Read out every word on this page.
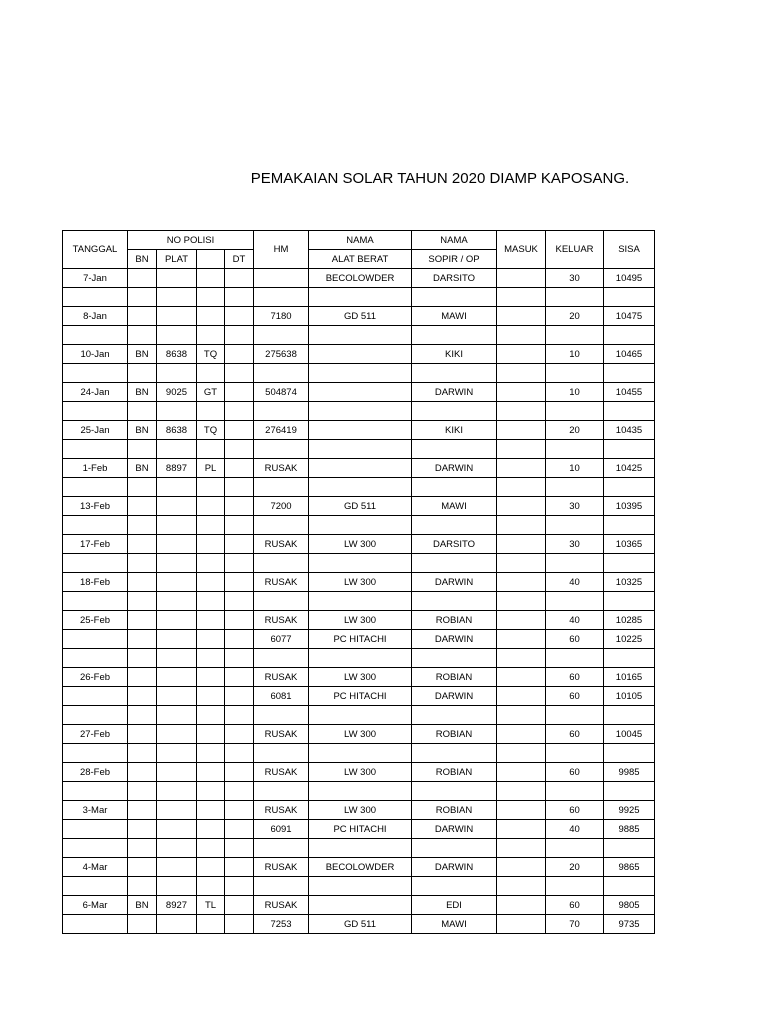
PEMAKAIAN SOLAR TAHUN 2020 DIAMP KAPOSANG.
TANGGAL	NO POLISI				HM	NAMA	NAMA	MASUK	KELUAR	SISA
	BN	PLAT		DT		ALAT BERAT	SOPIR / OP			
7-Jan						BECOLOWDER	DARSITO		30	10495

8-Jan					7180	GD 511	MAWI		20	10475

10-Jan	BN	8638	TQ		275638		KIKI		10	10465

24-Jan	BN	9025	GT		504874		DARWIN		10	10455

25-Jan	BN	8638	TQ		276419		KIKI		20	10435

1-Feb	BN	8897	PL		RUSAK		DARWIN		10	10425

13-Feb					7200	GD 511	MAWI		30	10395

17-Feb					RUSAK	LW 300	DARSITO		30	10365

18-Feb					RUSAK	LW 300	DARWIN		40	10325

25-Feb					RUSAK	LW 300	ROBIAN		40	10285
					6077	PC HITACHI	DARWIN		60	10225

26-Feb					RUSAK	LW 300	ROBIAN		60	10165
					6081	PC HITACHI	DARWIN		60	10105

27-Feb					RUSAK	LW 300	ROBIAN		60	10045

28-Feb					RUSAK	LW 300	ROBIAN		60	9985

3-Mar					RUSAK	LW 300	ROBIAN		60	9925
					6091	PC HITACHI	DARWIN		40	9885

4-Mar					RUSAK	BECOLOWDER	DARWIN		20	9865

6-Mar	BN	8927	TL		RUSAK		EDI		60	9805
					7253	GD 511	MAWI		70	9735
